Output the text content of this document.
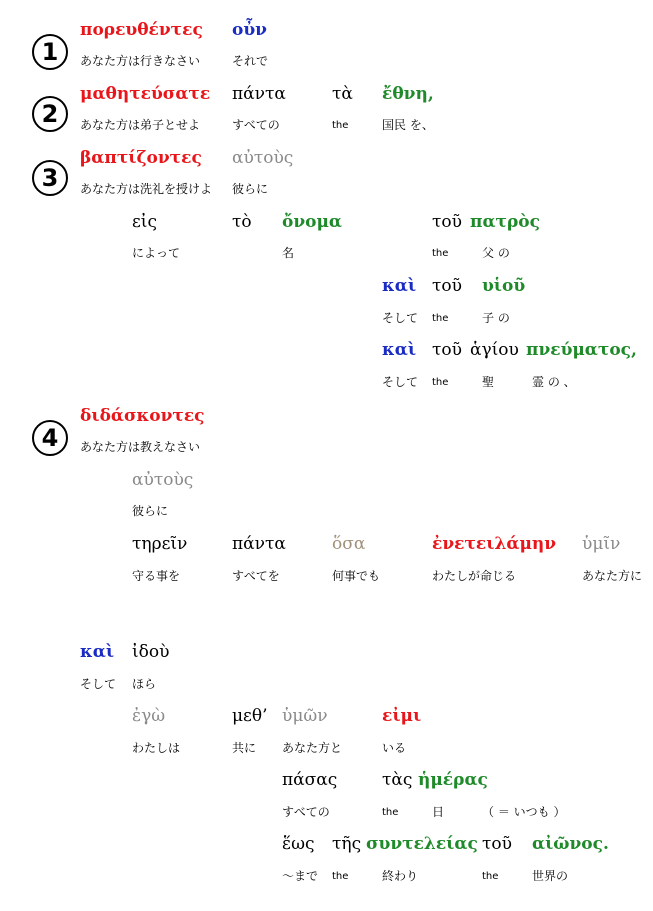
1
2
3
4
πορευθέντες
あなた方は行きなさい
οὖν
それで
μαθητεύσατε
あなた方は弟子とせよ
πάντα
すべての
τὰ
the
ἔθνη,
国民 を、
βαπτίζοντες
あなた方は洗礼を授けよ
αὐτοὺς
彼らに
εἰς
によって
τὸ ὄνομα
名
τοῦ
the
πατρὸς
父 の
καὶ
そして
τοῦ
the
υἱοῦ
子 の
καὶ
そして
τοῦ
the
ἁγίου
聖
πνεύματος,
霊 の 、
διδάσκοντες
あなた方は教えなさい
αὐτοὺς
彼らに
τηρεῖν
守る事を
πάντα
すべてを
ὅσα
何事でも
ἐνετειλάμην
わたしが命じる
ὑμῖν
あなた方に
καὶ
そして
ἰδοὺ
ほら
ἐγὼ
わたしは
μεθ’
共に
ὑμῶν
あなた方と
εἰμι
いる
πάσας
すべての
τὰς
the
ἡμέρας
日	（ ＝ いつも ）
ἕως
～まで
τῆς
the
συντελείας
終わり
τοῦ
the
αἰῶνος.
世界の
